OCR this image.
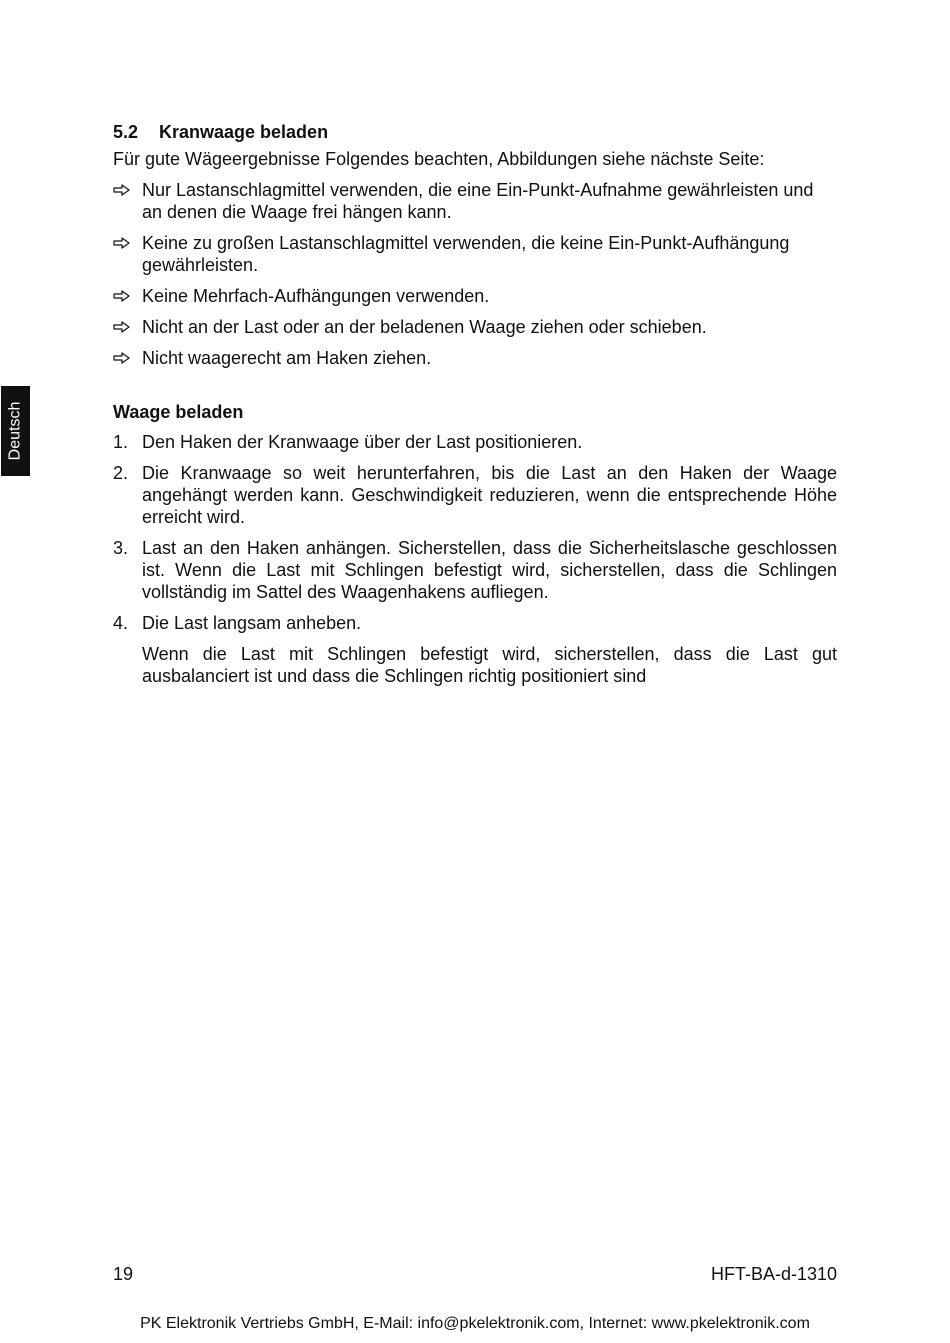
Deutsch
5.2 Kranwaage beladen
Für gute Wägeergebnisse Folgendes beachten, Abbildungen siehe nächste Seite:
Nur Lastanschlagmittel verwenden, die eine Ein-Punkt-Aufnahme gewährleisten und an denen die Waage frei hängen kann.
Keine zu großen Lastanschlagmittel verwenden, die keine Ein-Punkt-Aufhängung gewährleisten.
Keine Mehrfach-Aufhängungen verwenden.
Nicht an der Last oder an der beladenen Waage ziehen oder schieben.
Nicht waagerecht am Haken ziehen.
Waage beladen
1. Den Haken der Kranwaage über der Last positionieren.
2. Die Kranwaage so weit herunterfahren, bis die Last an den Haken der Waage angehängt werden kann. Geschwindigkeit reduzieren, wenn die entsprechende Höhe erreicht wird.
3. Last an den Haken anhängen. Sicherstellen, dass die Sicherheitslasche geschlossen ist. Wenn die Last mit Schlingen befestigt wird, sicherstellen, dass die Schlingen vollständig im Sattel des Waagenhakens aufliegen.
4. Die Last langsam anheben.
Wenn die Last mit Schlingen befestigt wird, sicherstellen, dass die Last gut ausbalanciert ist und dass die Schlingen richtig positioniert sind
19	HFT-BA-d-1310
PK Elektronik Vertriebs GmbH, E-Mail: info@pkelektronik.com, Internet: www.pkelektronik.com
